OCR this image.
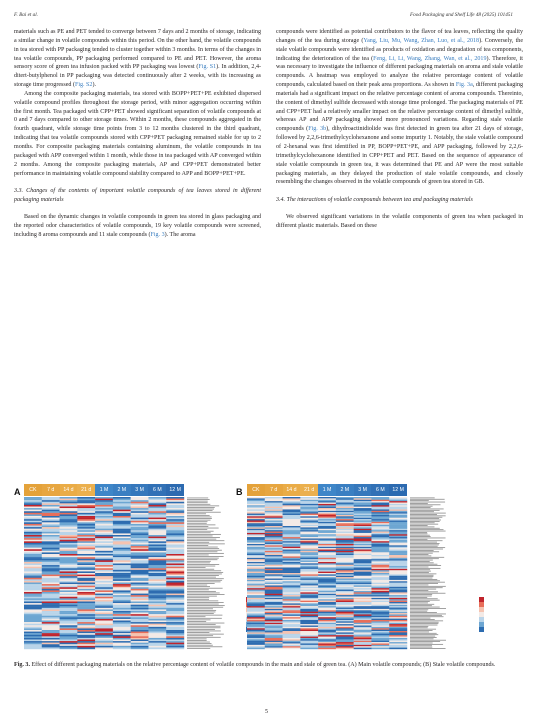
F. Bai et al.	Food Packaging and Shelf Life 48 (2025) 101451

materials such as PE and PET tended to converge between 7 days and 2 months of storage, indicating a similar change in volatile compounds within this period. On the other hand, the volatile compounds in tea stored with PP packaging tended to cluster together within 3 months. In terms of the changes in tea volatile compounds, PP packaging performed compared to PE and PET. However, the aroma sensory score of green tea infusion packed with PP packaging was lowest (Fig. S1). In addition, 2,4-ditert-butylphenol in PP packaging was detected continuously after 2 weeks, with its increasing as storage time progressed (Fig. S2).

Among the composite packaging materials, tea stored with BOPP+PET+PE exhibited dispersed volatile compound profiles throughout the storage period, with minor aggregation occurring within the first month. Tea packaged with CPP+PET showed significant separation of volatile compounds at 0 and 7 days compared to other storage times. Within 2 months, these compounds aggregated in the fourth quadrant, while storage time points from 3 to 12 months clustered in the third quadrant, indicating that tea volatile compounds stored with CPP+PET packaging remained stable for up to 2 months. For composite packaging materials containing aluminum, the volatile compounds in tea packaged with APP converged within 1 month, while those in tea packaged with AP converged within 2 months. Among the composite packaging materials, AP and CPP+PET demonstrated better performance in maintaining volatile compound stability compared to APP and BOPP+PET+PE.

3.3. Changes of the contents of important volatile compounds of tea leaves stored in different packaging materials

Based on the dynamic changes in volatile compounds in green tea stored in glass packaging and the reported odor characteristics of volatile compounds, 19 key volatile compounds were screened, including 8 aroma compounds and 11 stale compounds (Fig. 3). The aroma

compounds were identified as potential contributors to the flavor of tea leaves, reflecting the quality changes of the tea during storage (Yang, Liu, Mu, Wang, Zhan, Luo, et al., 2018). Conversely, the stale volatile compounds were identified as products of oxidation and degradation of tea components, indicating the deterioration of the tea (Feng, Li, Li, Wang, Zhang, Wan, et al., 2019). Therefore, it was necessary to investigate the influence of different packaging materials on aroma and stale volatile compounds. A heatmap was employed to analyze the relative percentage content of volatile compounds, calculated based on their peak area proportions. As shown in Fig. 3a, different packaging materials had a significant impact on the relative percentage content of aroma compounds. Thereinto, the content of dimethyl sulfide decreased with storage time prolonged. The packaging materials of PE and CPP+PET had a relatively smaller impact on the relative percentage content of dimethyl sulfide, whereas AP and APP packaging showed more pronounced variations. Regarding stale volatile compounds (Fig. 3b), dihydroactinidiolide was first detected in green tea after 21 days of storage, followed by 2,2,6-trimethylcyclohexanone and some impurity 1. Notably, the stale volatile compound of 2-hexanal was first identified in PP, BOPP+PET+PE, and APP packaging, followed by 2,2,6-trimethylcyclohexanone identified in CPP+PET and PET. Based on the sequence of appearance of stale volatile compounds in green tea, it was determined that PE and AP were the most suitable packaging materials, as they delayed the production of stale volatile compounds, and closely resembling the changes observed in the volatile compounds of green tea stored in GB.

3.4. The interactions of volatile compounds between tea and packaging materials

We observed significant variations in the volatile components of green tea when packaged in different plastic materials. Based on these

A	CK	7 d	14 d	21 d	1 M	2 M	3 M	6 M	12 M	B	CK	7 d	14 d	21 d	1 M	2 M	3 M	6 M	12 M
Fig. 3. Effect of different packaging materials on the relative percentage content of volatile compounds in the main and stale of green tea. (A) Main volatile compounds; (B) Stale volatile compounds.
5
